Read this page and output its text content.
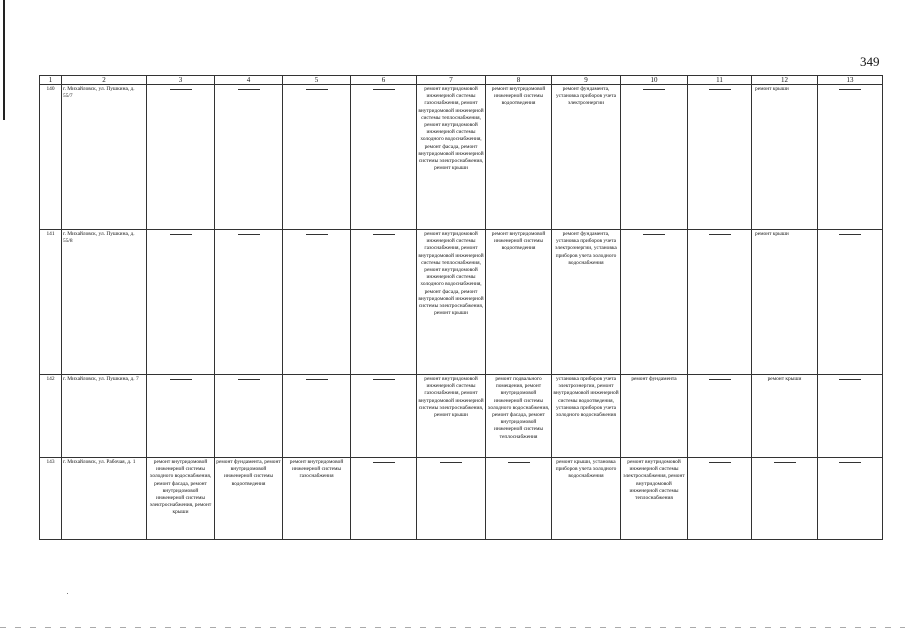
349
1	2	3	4	5	6	7	8	9	10	11	12	13
140	г. Михайловск, ул. Пушкина, д. 55/7					ремонт внутридомовой инженерной системы газоснабжения, ремонт внутридомовой инженерной системы теплоснабжения, ремонт внутридомовой инженерной системы холодного водоснабжения, ремонт фасада, ремонт внутридомовой инженерной системы электроснабжения, ремонт крыши	ремонт внутридомовой инженерной системы водоотведения	ремонт фундамента, установка приборов учета электроэнергии			ремонт крыши	

141	г. Михайловск, ул. Пушкина, д. 55/8					ремонт внутридомовой инженерной системы газоснабжения, ремонт внутридомовой инженерной системы теплоснабжения, ремонт внутридомовой инженерной системы холодного водоснабжения, ремонт фасада, ремонт внутридомовой инженерной системы электроснабжения, ремонт крыши	ремонт внутридомовой инженерной системы водоотведения	ремонт фундамента, установка приборов учета электроэнергии, установка приборов учета холодного водоснабжения			ремонт крыши	

142	г. Михайловск, ул. Пушкина, д. 7					ремонт внутридомовой инженерной системы газоснабжения, ремонт внутридомовой инженерной системы электроснабжения, ремонт крыши	ремонт подвального помещения, ремонт внутридомовой инженерной системы холодного водоснабжения, ремонт фасада, ремонт внутридомовой инженерной системы теплоснабжения	установка приборов учета электроэнергии, ремонт внутридомовой инженерной системы водоотведения, установка приборов учета холодного водоснабжения	ремонт фундамента		ремонт крыши	

143	г. Михайловск, ул. Рабочая, д. 1	ремонт внутридомовой инженерной системы холодного водоснабжения, ремонт фасада, ремонт внутридомовой инженерной системы электроснабжения, ремонт крыши	ремонт фундамента, ремонт внутридомовой инженерной системы водоотведения	ремонт внутридомовой инженерной системы газоснабжения				ремонт крыши, установка приборов учета холодного водоснабжения	ремонт внутридомовой инженерной системы электроснабжения, ремонт внутридомовой инженерной системы теплоснабжения	
